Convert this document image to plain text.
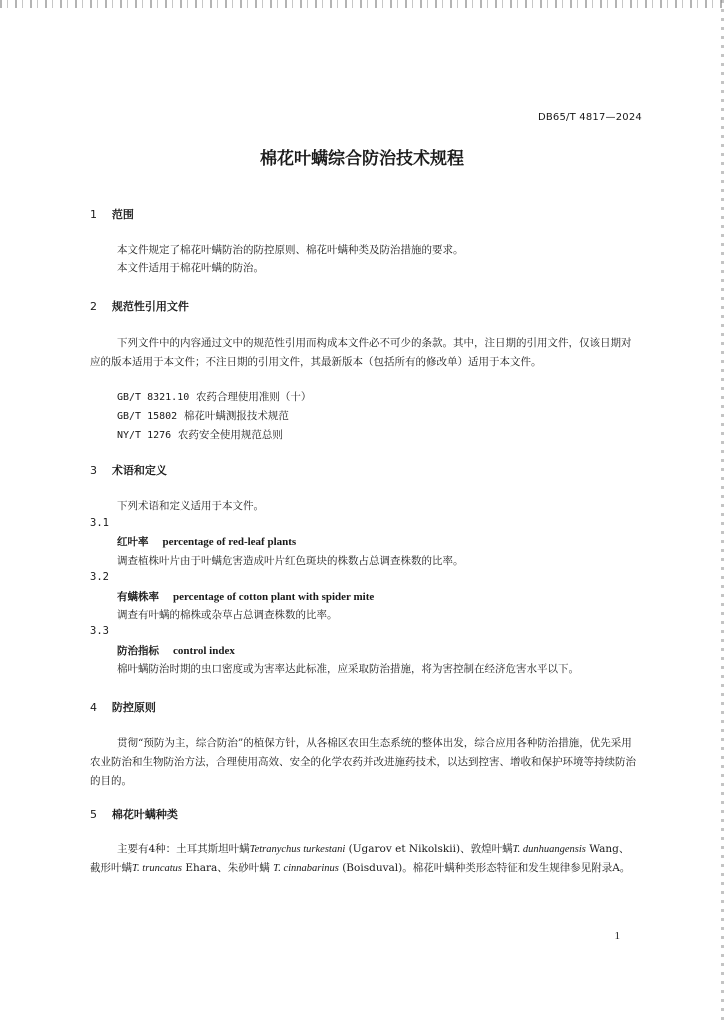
DB65/T 4817—2024
棉花叶螨综合防治技术规程
1 范围
本文件规定了棉花叶螨防治的防控原则、棉花叶螨种类及防治措施的要求。
本文件适用于棉花叶螨的防治。
2 规范性引用文件
下列文件中的内容通过文中的规范性引用而构成本文件必不可少的条款。其中，注日期的引用文件，仅该日期对应的版本适用于本文件；不注日期的引用文件，其最新版本（包括所有的修改单）适用于本文件。
GB/T 8321.10 农药合理使用准则（十）
GB/T 15802 棉花叶螨测报技术规范
NY/T 1276 农药安全使用规范总则
3 术语和定义
下列术语和定义适用于本文件。
3.1
红叶率 percentage of red-leaf plants
调查植株叶片由于叶螨危害造成叶片红色斑块的株数占总调查株数的比率。
3.2
有螨株率 percentage of cotton plant with spider mite
调查有叶螨的棉株或杂草占总调查株数的比率。
3.3
防治指标 control index
棉叶螨防治时期的虫口密度或为害率达此标准，应采取防治措施，将为害控制在经济危害水平以下。
4 防控原则
贯彻“预防为主，综合防治”的植保方针，从各棉区农田生态系统的整体出发，综合应用各种防治措施，优先采用农业防治和生物防治方法，合理使用高效、安全的化学农药并改进施药技术，以达到控害、增收和保护环境等持续防治的目的。
5 棉花叶螨种类
主要有4种：土耳其斯坦叶螨Tetranychus turkestani (Ugarov et Nikolskii)、敦煌叶螨T. dunhuangensis Wang、截形叶螨T. truncatus Ehara、朱砂叶螨 T. cinnabarinus (Boisduval)。棉花叶螨种类形态特征和发生规律参见附录A。
1
